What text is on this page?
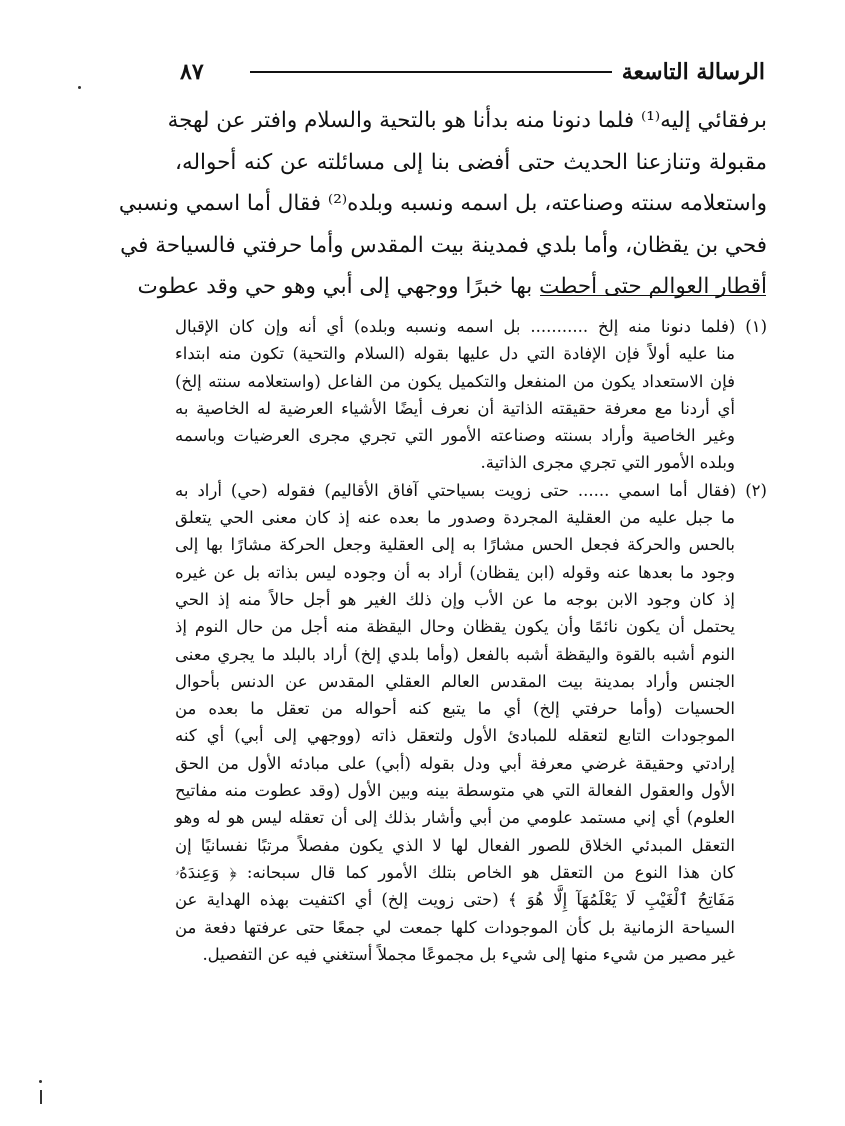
٨٧	الرسالة التاسعة
برفقائي إليه⁽¹⁾ فلما دنونا منه بدأنا هو بالتحية والسلام وافتر عن لهجة
مقبولة وتنازعنا الحديث حتى أفضى بنا إلى مسائلته عن كنه أحواله،
واستعلامه سنته وصناعته، بل اسمه ونسبه وبلده⁽²⁾ فقال أما اسمي ونسبي
فحي بن يقظان، وأما بلدي فمدينة بيت المقدس وأما حرفتي فالسياحة في
أقطار العوالم حتى أحطت بها خبرًا ووجهي إلى أبي وهو حي وقد عطوت
(١) (فلما دنونا منه إلخ ........... بل اسمه ونسبه وبلده) أي أنه وإن كان الإقبال
منا عليه أولاً فإن الإفادة التي دل عليها بقوله (السلام والتحية) تكون منه ابتداء
فإن الاستعداد يكون من المنفعل والتكميل يكون من الفاعل (واستعلامه سنته إلخ)
أي أردنا مع معرفة حقيقته الذاتية أن نعرف أيضًا الأشياء العرضية له الخاصية به
وغير الخاصية وأراد بسنته وصناعته الأمور التي تجري مجرى العرضيات وباسمه
وبلده الأمور التي تجري مجرى الذاتية.
(٢) (فقال أما اسمي ...... حتى زويت بسياحتي آفاق الأقاليم) فقوله (حي) أراد به
ما جبل عليه من العقلية المجردة وصدور ما بعده عنه إذ كان معنى الحي يتعلق
بالحس والحركة فجعل الحس مشارًا به إلى العقلية وجعل الحركة مشارًا بها إلى
وجود ما بعدها عنه وقوله (ابن يقظان) أراد به أن وجوده ليس بذاته بل عن غيره
إذ كان وجود الابن بوجه ما عن الأب وإن ذلك الغير هو أجل حالاً منه إذ الحي
يحتمل أن يكون نائمًا وأن يكون يقظان وحال اليقظة منه أجل من حال النوم إذ
النوم أشبه بالقوة واليقظة أشبه بالفعل (وأما بلدي إلخ) أراد بالبلد ما يجري معنى
الجنس وأراد بمدينة بيت المقدس العالم العقلي المقدس عن الدنس بأحوال
الحسيات (وأما حرفتي إلخ) أي ما يتبع كنه أحواله من تعقل ما بعده من
الموجودات التابع لتعقله للمبادئ الأول ولتعقل ذاته (ووجهي إلى أبي) أي كنه
إرادتي وحقيقة غرضي معرفة أبي ودل بقوله (أبي) على مبادئه الأول من الحق
الأول والعقول الفعالة التي هي متوسطة بينه وبين الأول (وقد عطوت منه مفاتيح
العلوم) أي إني مستمد علومي من أبي وأشار بذلك إلى أن تعقله ليس هو له وهو
التعقل المبدئي الخلاق للصور الفعال لها لا الذي يكون مفصلاً مرتبًا نفسانيًا إن
كان هذا النوع من التعقل هو الخاص بتلك الأمور كما قال سبحانه: ﴿ وَعِندَهُۥ
مَفَاتِحُ ٱلْغَيْبِ لَا يَعْلَمُهَآ إِلَّا هُوَ ﴾ (حتى زويت إلخ) أي اكتفيت بهذه الهداية عن
السياحة الزمانية بل كأن الموجودات كلها جمعت لي جمعًا حتى عرفتها دفعة من
غير مصير من شيء منها إلى شيء بل مجموعًا مجملاً أستغني فيه عن التفصيل.
